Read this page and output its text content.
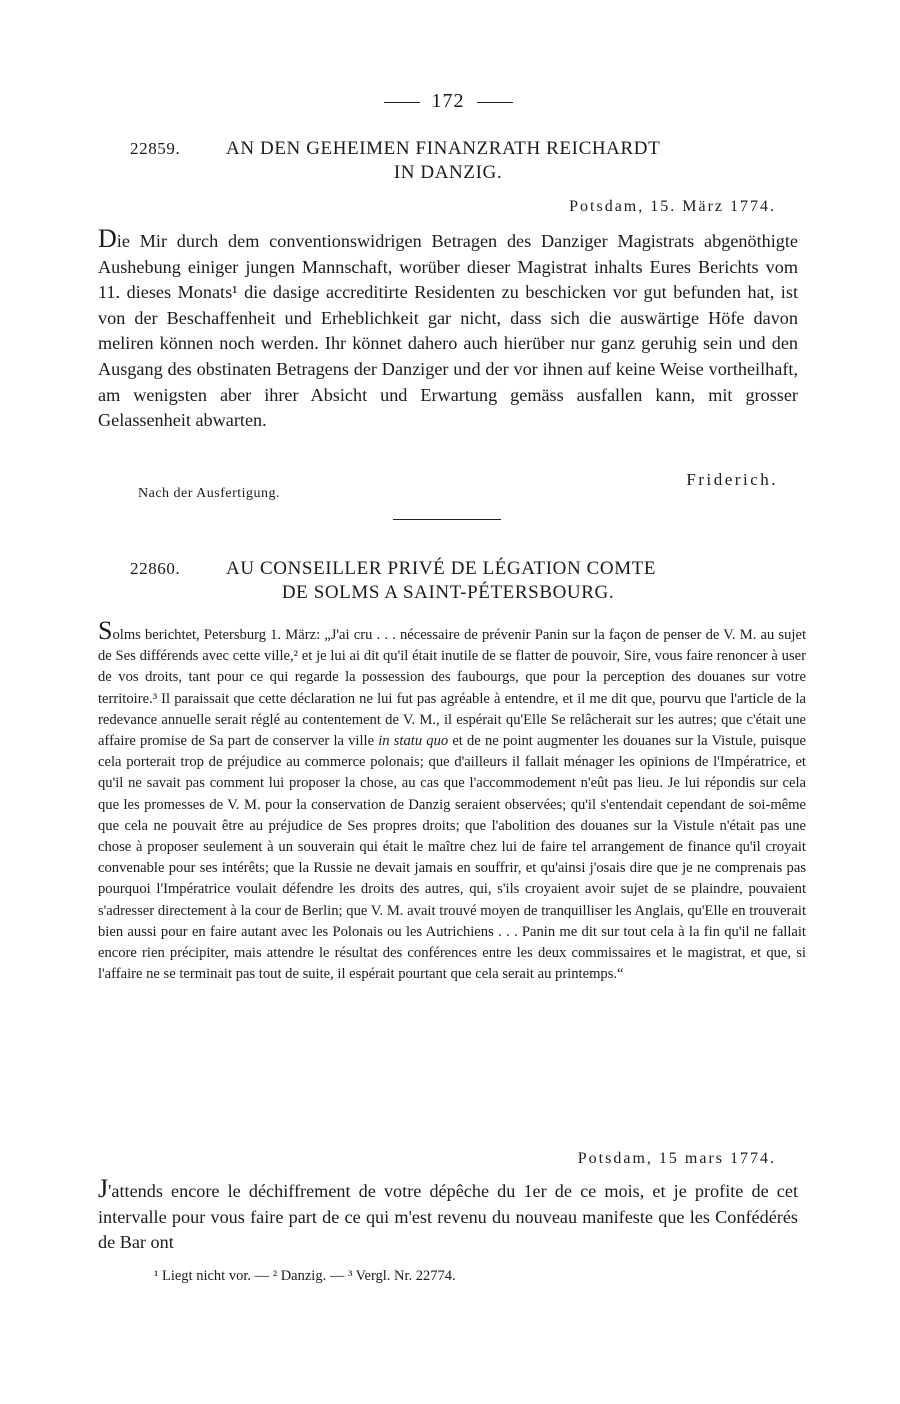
172
22859. AN DEN GEHEIMEN FINANZRATH REICHARDT
IN DANZIG.
Potsdam, 15. März 1774.

Die Mir durch dem conventionswidrigen Betragen des Danziger Magistrats abgenöthigte Aushebung einiger jungen Mannschaft, worüber dieser Magistrat inhalts Eures Berichts vom 11. dieses Monats¹ die dasige accreditirte Residenten zu beschicken vor gut befunden hat, ist von der Beschaffenheit und Erheblichkeit gar nicht, dass sich die auswärtige Höfe davon meliren können noch werden. Ihr könnet dahero auch hierüber nur ganz geruhig sein und den Ausgang des obstinaten Betragens der Danziger und der vor ihnen auf keine Weise vortheilhaft, am wenigsten aber ihrer Absicht und Erwartung gemäss ausfallen kann, mit grosser Gelassenheit abwarten.

Friderich.
Nach der Ausfertigung.
22860. AU CONSEILLER PRIVÉ DE LÉGATION COMTE
DE SOLMS A SAINT-PÉTERSBOURG.

Solms berichtet, Petersburg 1. März: „J'ai cru . . . nécessaire de prévenir Panin sur la façon de penser de V. M. au sujet de Ses différends avec cette ville,² et je lui ai dit qu'il était inutile de se flatter de pouvoir, Sire, vous faire renoncer à user de vos droits, tant pour ce qui regarde la possession des faubourgs, que pour la perception des douanes sur votre territoire.³ Il paraissait que cette déclaration ne lui fut pas agréable à entendre, et il me dit que, pourvu que l'article de la redevance annuelle serait réglé au contentement de V. M., il espérait qu'Elle Se relâcherait sur les autres; que c'était une affaire promise de Sa part de conserver la ville in statu quo et de ne point augmenter les douanes sur la Vistule, puisque cela porterait trop de préjudice au commerce polonais; que d'ailleurs il fallait ménager les opinions de l'Impératrice, et qu'il ne savait pas comment lui proposer la chose, au cas que l'accommodement n'eût pas lieu. Je lui répondis sur cela que les promesses de V. M. pour la conservation de Danzig seraient observées; qu'il s'entendait cependant de soi-même que cela ne pouvait être au préjudice de Ses propres droits; que l'abolition des douanes sur la Vistule n'était pas une chose à proposer seulement à un souverain qui était le maître chez lui de faire tel arrangement de finance qu'il croyait convenable pour ses intérêts; que la Russie ne devait jamais en souffrir, et qu'ainsi j'osais dire que je ne comprenais pas pourquoi l'Impératrice voulait défendre les droits des autres, qui, s'ils croyaient avoir sujet de se plaindre, pouvaient s'adresser directement à la cour de Berlin; que V. M. avait trouvé moyen de tranquilliser les Anglais, qu'Elle en trouverait bien aussi pour en faire autant avec les Polonais ou les Autrichiens . . . Panin me dit sur tout cela à la fin qu'il ne fallait encore rien précipiter, mais attendre le résultat des conférences entre les deux commissaires et le magistrat, et que, si l'affaire ne se terminait pas tout de suite, il espérait pourtant que cela serait au printemps.“

Potsdam, 15 mars 1774.

J'attends encore le déchiffrement de votre dépêche du 1er de ce mois, et je profite de cet intervalle pour vous faire part de ce qui m'est revenu du nouveau manifeste que les Confédérés de Bar ont

¹ Liegt nicht vor. — ² Danzig. — ³ Vergl. Nr. 22774.
